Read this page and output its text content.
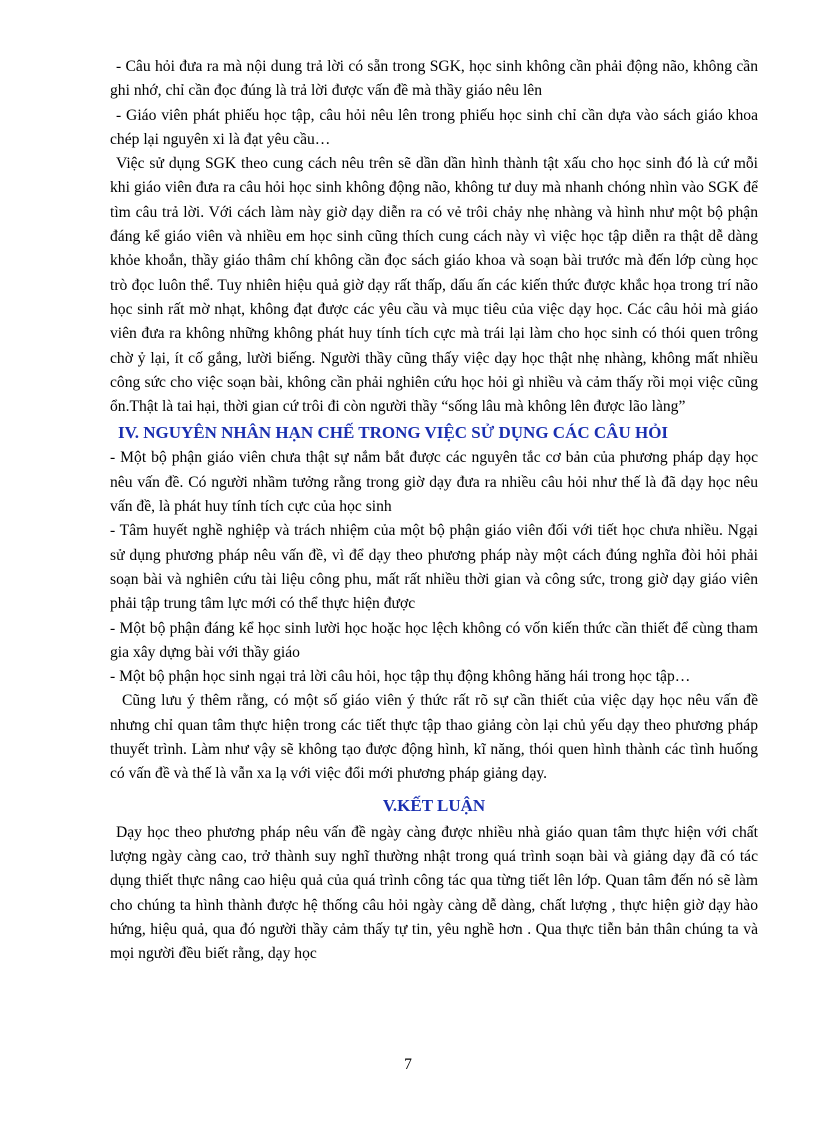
- Câu hỏi đưa ra mà nội dung trả lời có sẵn trong SGK, học sinh không cần phải động não, không cần ghi nhớ, chỉ cần đọc đúng là trả lời được vấn đề mà thầy giáo nêu lên

- Giáo viên phát phiếu học tập, câu hỏi nêu lên trong phiếu học sinh chỉ cần dựa vào sách giáo khoa chép lại nguyên xi là đạt yêu cầu…

Việc sử dụng SGK theo cung cách nêu trên sẽ dần dần hình thành tật xấu cho học sinh đó là cứ mỗi khi giáo viên đưa ra câu hỏi học sinh không động não, không tư duy mà nhanh chóng nhìn vào SGK để tìm câu trả lời. Với cách làm này giờ dạy diễn ra có vẻ trôi chảy nhẹ nhàng và hình như một bộ phận đáng kể giáo viên và nhiều em học sinh cũng thích cung cách này vì việc học tập diễn ra thật dễ dàng khỏe khoắn, thầy giáo thâm chí không cần đọc sách giáo khoa và soạn bài trước mà đến lớp cùng học trò đọc luôn thể. Tuy nhiên hiệu quả giờ dạy rất thấp, dấu ấn các kiến thức được khắc họa trong trí não học sinh rất mờ nhạt, không đạt được các yêu cầu và mục tiêu của việc dạy học. Các câu hỏi mà giáo viên đưa ra không những không phát huy tính tích cực mà trái lại làm cho học sinh có thói quen trông chờ ỷ lại, ít cố gắng, lười biếng. Người thầy cũng thấy việc dạy học thật nhẹ nhàng, không mất nhiều công sức cho việc soạn bài, không cần phải nghiên cứu học hỏi gì nhiều và cảm thấy rồi mọi việc cũng ổn.Thật là tai hại, thời gian cứ trôi đi còn người thầy “sống lâu mà không lên được lão làng”

IV. NGUYÊN NHÂN HẠN CHẾ TRONG VIỆC SỬ DỤNG CÁC CÂU HỎI

- Một bộ phận giáo viên chưa thật sự nắm bắt được các nguyên tắc cơ bản của phương pháp dạy học nêu vấn đề. Có người nhầm tưởng rằng trong giờ dạy đưa ra nhiều câu hỏi như thế là đã dạy học nêu vấn đề, là phát huy tính tích cực của học sinh

- Tâm huyết nghề nghiệp và trách nhiệm của một bộ phận giáo viên đối với tiết học chưa nhiều. Ngại sử dụng phương pháp nêu vấn đề, vì để dạy theo phương pháp này một cách đúng nghĩa đòi hỏi phải soạn bài và nghiên cứu tài liệu công phu, mất rất nhiều thời gian và công sức, trong giờ dạy giáo viên phải tập trung tâm lực mới có thể thực hiện được

- Một bộ phận đáng kể học sinh lười học hoặc học lệch không có vốn kiến thức cần thiết để cùng tham gia xây dựng bài với thầy giáo

- Một bộ phận học sinh ngại trả lời câu hỏi, học tập thụ động không hăng hái trong học tập…

Cũng lưu ý thêm rằng, có một số giáo viên ý thức rất rõ sự cần thiết của việc dạy học nêu vấn đề nhưng chỉ quan tâm thực hiện trong các tiết thực tập thao giảng còn lại chủ yếu dạy theo phương pháp thuyết trình. Làm như vậy sẽ không tạo được động hình, kĩ năng, thói quen hình thành các tình huống có vấn đề và thế là vẫn xa lạ với việc đổi mới phương pháp giảng dạy.

V.KẾT LUẬN

Dạy học theo phương pháp nêu vấn đề ngày càng được nhiều nhà giáo quan tâm thực hiện với chất lượng ngày càng cao, trở thành suy nghĩ thường nhật trong quá trình soạn bài và giảng dạy đã có tác dụng thiết thực nâng cao hiệu quả của quá trình công tác qua từng tiết lên lớp. Quan tâm đến nó sẽ làm cho chúng ta hình thành được hệ thống câu hỏi ngày càng dễ dàng, chất lượng , thực hiện giờ dạy hào hứng, hiệu quả, qua đó người thầy cảm thấy tự tin, yêu nghề hơn . Qua thực tiễn bản thân chúng ta và mọi người đều biết rằng, dạy học

7
